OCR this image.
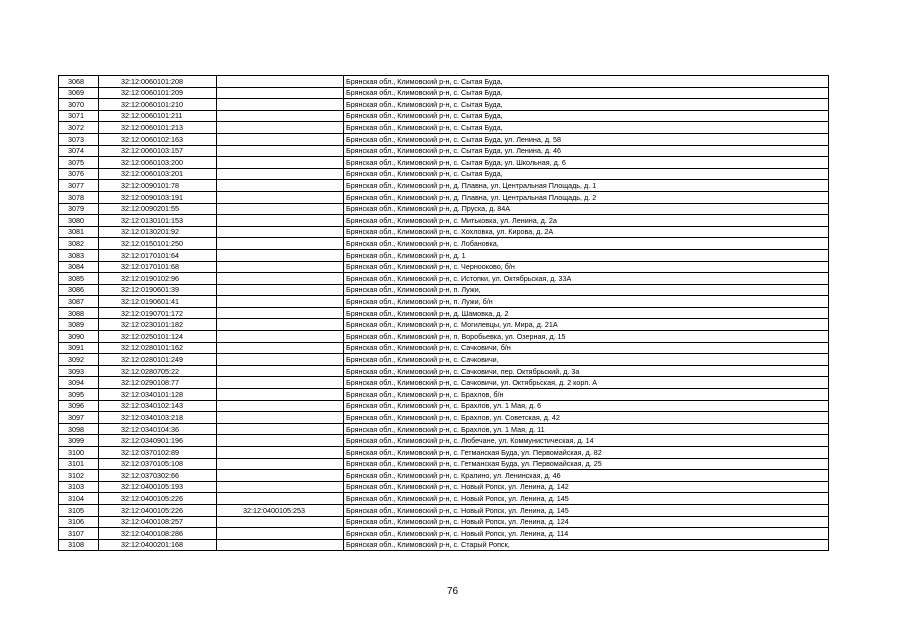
3068	32:12:0060101:208		Брянская обл., Климовский р-н, с. Сытая Буда,
3069	32:12:0060101:209		Брянская обл., Климовский р-н, с. Сытая Буда,
3070	32:12:0060101:210		Брянская обл., Климовский р-н, с. Сытая Буда,
3071	32:12:0060101:211		Брянская обл., Климовский р-н, с. Сытая Буда,
3072	32:12:0060101:213		Брянская обл., Климовский р-н, с. Сытая Буда,
3073	32:12:0060102:163		Брянская обл., Климовский р-н, с. Сытая Буда, ул. Ленина, д. 58
3074	32:12:0060103:157		Брянская обл., Климовский р-н, с. Сытая Буда, ул. Ленина, д. 46
3075	32:12:0060103:200		Брянская обл., Климовский р-н, с. Сытая Буда, ул. Школьная, д. 6
3076	32:12:0060103:201		Брянская обл., Климовский р-н, с. Сытая Буда,
3077	32:12:0090101:78		Брянская обл., Климовский р-н, д. Плавна, ул. Центральная Площадь, д. 1
3078	32:12:0090103:191		Брянская обл., Климовский р-н, д. Плавна, ул. Центральная Площадь, д. 2
3079	32:12:0090201:55		Брянская обл., Климовский р-н, д. Пруска, д. 84А
3080	32:12:0130101:153		Брянская обл., Климовский р-н, с. Митьковка, ул. Ленина, д. 2а
3081	32:12:0130201:92		Брянская обл., Климовский р-н, с. Хохловка, ул. Кирова, д. 2А
3082	32:12:0150101:250		Брянская обл., Климовский р-н, с. Лобановка,
3083	32:12:0170101:64		Брянская обл., Климовский р-н, д. 1
3084	32:12:0170101:68		Брянская обл., Климовский р-н, с. Чернооково, б/н
3085	32:12:0190102:96		Брянская обл., Климовский р-н, с. Истопки, ул. Октябрьская, д. 33А
3086	32:12:0190601:39		Брянская обл., Климовский р-н, п. Лужи,
3087	32:12:0190601:41		Брянская обл., Климовский р-н, п. Лужи, б/н
3088	32:12:0190701:172		Брянская обл., Климовский р-н, д. Шамовка, д. 2
3089	32:12:0230101:182		Брянская обл., Климовский р-н, с. Могилевцы, ул. Мира, д. 21А
3090	32:12:0250101:124		Брянская обл., Климовский р-н, п. Воробьевка, ул. Озерная, д. 15
3091	32:12:0280101:162		Брянская обл., Климовский р-н, с. Сачковичи, б/н
3092	32:12:0280101:249		Брянская обл., Климовский р-н, с. Сачковичи,
3093	32:12:0280705:22		Брянская обл., Климовский р-н, с. Сачковичи, пер. Октябрьский, д. 3а
3094	32:12:0290108:77		Брянская обл., Климовский р-н, с. Сачковичи, ул. Октябрьская, д. 2 корп. А
3095	32:12:0340101:128		Брянская обл., Климовский р-н, с. Брахлов, б/н
3096	32:12:0340102:143		Брянская обл., Климовский р-н, с. Брахлов, ул. 1 Мая, д. 6
3097	32:12:0340103:218		Брянская обл., Климовский р-н, с. Брахлов, ул. Советская, д. 42
3098	32:12:0340104:36		Брянская обл., Климовский р-н, с. Брахлов, ул. 1 Мая, д. 11
3099	32:12:0340901:196		Брянская обл., Климовский р-н, с. Любечане, ул. Коммунистическая, д. 14
3100	32:12:0370102:89		Брянская обл., Климовский р-н, с. Гетманская Буда, ул. Первомайская, д. 82
3101	32:12:0370105:108		Брянская обл., Климовский р-н, с. Гетманская Буда, ул. Первомайская, д. 25
3102	32:12:0370302:66		Брянская обл., Климовский р-н, с. Кралино, ул. Ленинская, д. 46
3103	32:12:0400105:193		Брянская обл., Климовский р-н, с. Новый Ропск, ул. Ленина, д. 142
3104	32:12:0400105:226		Брянская обл., Климовский р-н, с. Новый Ропск, ул. Ленина, д. 145
3105	32:12:0400105:226	32:12:0400105:253	Брянская обл., Климовский р-н, с. Новый Ропск, ул. Ленина, д. 145
3106	32:12:0400108:257		Брянская обл., Климовский р-н, с. Новый Ропск, ул. Ленина, д. 124
3107	32:12:0400108:286		Брянская обл., Климовский р-н, с. Новый Ропск, ул. Ленина, д. 114
3108	32:12:0400201:168		Брянская обл., Климовский р-н, с. Старый Ропск,
76
